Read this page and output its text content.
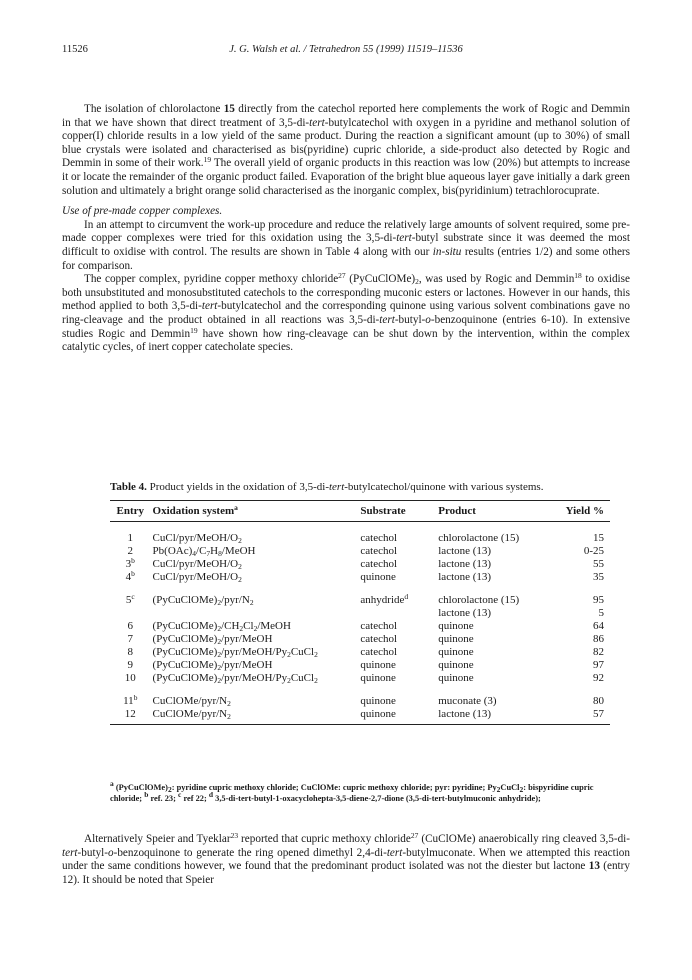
11526	J. G. Walsh et al. / Tetrahedron 55 (1999) 11519–11536

The isolation of chlorolactone 15 directly from the catechol reported here complements the work of Rogic and Demmin in that we have shown that direct treatment of 3,5-di-tert-butylcatechol with oxygen in a pyridine and methanol solution of copper(I) chloride results in a low yield of the same product. During the reaction a significant amount (up to 30%) of small blue crystals were isolated and characterised as bis(pyridine) cupric chloride, a side-product also detected by Rogic and Demmin in some of their work.$^{19}$ The overall yield of organic products in this reaction was low (20%) but attempts to increase it or locate the remainder of the organic product failed. Evaporation of the bright blue aqueous layer gave initially a dark green solution and ultimately a bright orange solid characterised as the inorganic complex, bis(pyridinium) tetrachlorocuprate.

Use of pre-made copper complexes.

In an attempt to circumvent the work-up procedure and reduce the relatively large amounts of solvent required, some pre-made copper complexes were tried for this oxidation using the 3,5-di-tert-butyl substrate since it was deemed the most difficult to oxidise with control. The results are shown in Table 4 along with our in-situ results (entries 1/2) and some others for comparison.

The copper complex, pyridine copper methoxy chloride$^{27}$ $(PyCuClOMe)_2$, was used by Rogic and Demmin$^{18}$ to oxidise both unsubstituted and monosubstituted catechols to the corresponding muconic esters or lactones. However in our hands, this method applied to both 3,5-di-tert-butylcatechol and the corresponding quinone using various solvent combinations gave no ring-cleavage and the product obtained in all reactions was 3,5-di-tert-butyl-o-benzoquinone (entries 6-10). In extensive studies Rogic and Demmin$^{19}$ have shown how ring-cleavage can be shut down by the intervention, within the complex catalytic cycles, of inert copper catecholate species.

Table 4. Product yields in the oxidation of 3,5-di-tert-butylcatechol/quinone with various systems.
Entry	Oxidation system$^a$	Substrate	Product	Yield %

1	CuCl/$pyr/MeOH/O_2$	catechol	chlorolactone (15)	15
2	$Pb(OAc)_4/C_7H_8$/MeOH	catechol	lactone (13)	0-25
3$^b$	CuCl/$pyr/MeOH/O_2$	catechol	lactone (13)	55
4$^b$	CuCl/$pyr/MeOH/O_2$	quinone	lactone (13)	35

5$^c$	$(PyCuClOMe)_2/pyr/N_2$	anhydride$^d$	chlorolactone (15)	95
			lactone (13)	5
6	$(PyCuClOMe)_2/CH_2Cl_2$/MeOH	catechol	quinone	64
7	$(PyCuClOMe)_2/pyr$/MeOH	catechol	quinone	86
8	$(PyCuClOMe)_2/pyr/MeOH/Py_2CuCl_2$	catechol	quinone	82
9	$(PyCuClOMe)_2/pyr$/MeOH	quinone	quinone	97
10	$(PyCuClOMe)_2/pyr/MeOH/Py_2CuCl_2$	quinone	quinone	92

11$^b$	CuClOMe/$pyr/N_2$	quinone	muconate (3)	80
12	CuClOMe/$pyr/N_2$	quinone	lactone (13)	57
$^a$ $(PyCuClOMe)_2$: pyridine cupric methoxy chloride; CuClOMe: cupric methoxy chloride; pyr: pyridine; $Py_2CuCl_2$: bispyridine cupric chloride; $^b$ ref. 23; $^c$ ref 22; $^d$ 3,5-di-tert-butyl-1-oxacyclohepta-3,5-diene-2,7-dione (3,5-di-tert-butylmuconic anhydride);

Alternatively Speier and Tyeklar$^{23}$ reported that cupric methoxy chloride$^{27}$ (CuClOMe) anaerobically ring cleaved 3,5-di-tert-butyl-o-benzoquinone to generate the ring opened dimethyl 2,4-di-tert-butylmuconate. When we attempted this reaction under the same conditions however, we found that the predominant product isolated was not the diester but lactone 13 (entry 12). It should be noted that Speier
